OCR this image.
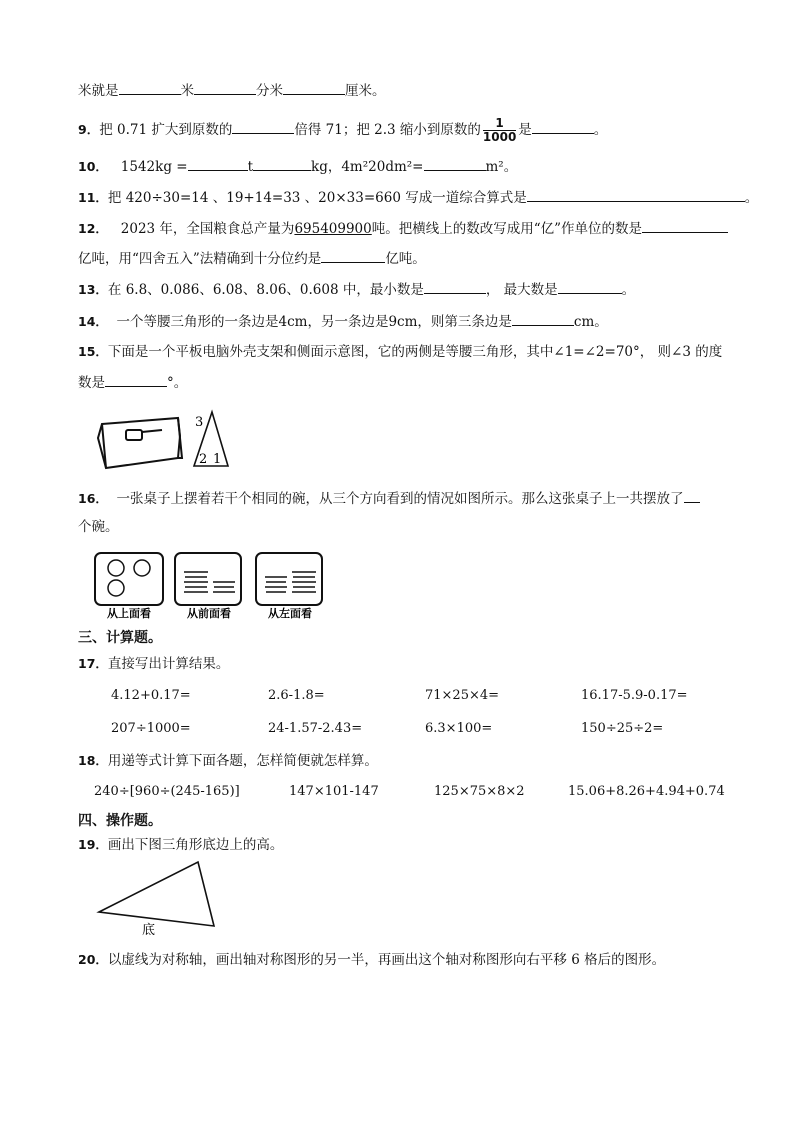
米就是	米	分米	厘米。
9．把 0.71 扩大到原数的	倍得 71；把 2.3 缩小到原数的 $\frac{1}{1000}$ 是	。
10． 1542kg =	t	kg，4m²20dm²=	m²。
11．把 420÷30=14 、19+14=33 、20×33=660 写成一道综合算式是	。
12． 2023 年，全国粮食总产量为695409900吨。把横线上的数改写成用“亿”作单位的数是
亿吨，用“四舍五入”法精确到十分位约是	亿吨。
13．在 6.8、0.086、6.08、8.06、0.608 中，最小数是	， 最大数是	。
14． 一个等腰三角形的一条边是4cm，另一条边是9cm，则第三条边是	cm。
15．下面是一个平板电脑外壳支架和侧面示意图，它的两侧是等腰三角形，其中∠1=∠2=70°， 则∠3 的度
数是	°。
3
2 1
16． 一张桌子上摆着若干个相同的碗，从三个方向看到的情况如图所示。那么这张桌子上一共摆放了
个碗。
从上面看	从前面看	从左面看
三、计算题。
17．直接写出计算结果。
4.12+0.17=	2.6-1.8=	71×25×4=	16.17-5.9-0.17=
207÷1000=	24-1.57-2.43=	6.3×100=	150÷25÷2=
18．用递等式计算下面各题，怎样简便就怎样算。
240÷[960÷(245-165)]	147×101-147	125×75×8×2	15.06+8.26+4.94+0.74
四、操作题。
19．画出下图三角形底边上的高。
底
20．以虚线为对称轴，画出轴对称图形的另一半，再画出这个轴对称图形向右平移 6 格后的图形。
